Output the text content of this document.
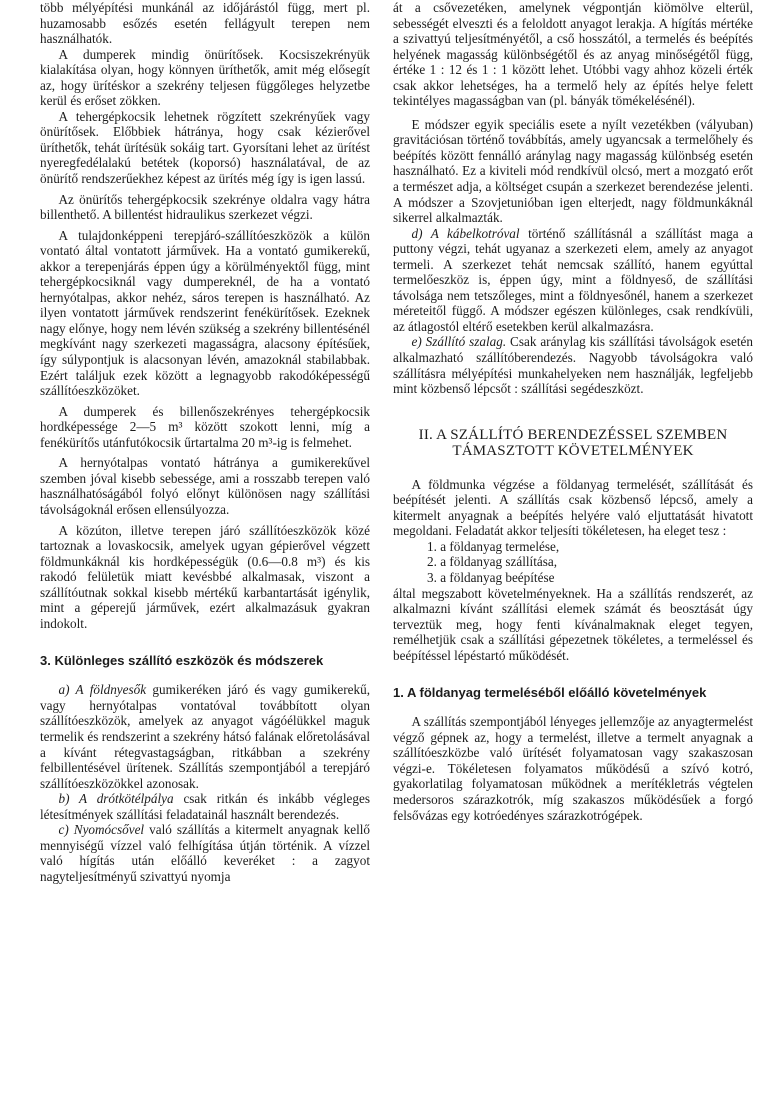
több mélyépítési munkánál az időjárástól függ, mert pl. huzamosabb esőzés esetén fellágyult terepen nem használhatók.

A dumperek mindig önürítősek. Kocsiszekrényük kialakítása olyan, hogy könnyen üríthetők, amit még elősegít az, hogy ürítéskor a szekrény teljesen függőleges helyzetbe kerül és erőset zökken.

A tehergépkocsik lehetnek rögzített szekrényűek vagy önürítősek. Előbbiek hátránya, hogy csak kézierővel üríthetők, tehát ürítésük sokáig tart. Gyorsítani lehet az ürítést nyeregfedélalakú betétek (koporsó) használatával, de az önürítő rendszerűekhez képest az ürítés még így is igen lassú.

Az önürítős tehergépkocsik szekrénye oldalra vagy hátra billenthető. A billentést hidraulikus szerkezet végzi.

A tulajdonképpeni terepjáró-szállítóeszközök a külön vontató által vontatott járművek. Ha a vontató gumikerekű, akkor a terepenjárás éppen úgy a körülményektől függ, mint tehergépkocsiknál vagy dumpereknél, de ha a vontató hernyótalpas, akkor nehéz, sáros terepen is használható. Az ilyen vontatott járművek rendszerint fenékürítősek. Ezeknek nagy előnye, hogy nem lévén szükség a szekrény billentésénél megkívánt nagy szerkezeti magasságra, alacsony építésűek, így súlypontjuk is alacsonyan lévén, amazoknál stabilabbak. Ezért találjuk ezek között a legnagyobb rakodóképességű szállítóeszközöket.

A dumperek és billenőszekrényes tehergépkocsik hordképessége 2—5 m³ között szokott lenni, míg a fenékürítős utánfutókocsik űrtartalma 20 m³-ig is felmehet.

A hernyótalpas vontató hátránya a gumikerekűvel szemben jóval kisebb sebessége, ami a rosszabb terepen való használhatóságából folyó előnyt különösen nagy szállítási távolságoknál erősen ellensúlyozza.

A közúton, illetve terepen járó szállítóeszközök közé tartoznak a lovaskocsik, amelyek ugyan gépierővel végzett földmunkáknál kis hordképességük (0.6—0.8 m³) és kis rakodó felületük miatt kevésbbé alkalmasak, viszont a szállítóutnak sokkal kisebb mértékű karbantartását igénylik, mint a géperejű járművek, ezért alkalmazásuk gyakran indokolt.

3. Különleges szállító eszközök és módszerek

a) A földnyesők gumikeréken járó és vagy gumikerekű, vagy hernyótalpas vontatóval továbbított olyan szállítóeszközök, amelyek az anyagot vágóélükkel maguk termelik és rendszerint a szekrény hátsó falának előretolásával a kívánt rétegvastagságban, ritkábban a szekrény felbillentésével ürítenek. Szállítás szempontjából a terepjáró szállítóeszközökkel azonosak.

b) A drótkötélpálya csak ritkán és inkább végleges létesítmények szállítási feladatainál használt berendezés.

c) Nyomócsővel való szállítás a kitermelt anyagnak kellő mennyiségű vízzel való felhígítása útján történik. A vízzel való hígítás után előálló keveréket : a zagyot nagyteljesítményű szivattyú nyomja

át a csővezetéken, amelynek végpontján kiömölve elterül, sebességét elveszti és a feloldott anyagot lerakja. A hígítás mértéke a szivattyú teljesítményétől, a cső hosszától, a termelés és beépítés helyének magasság különbségétől és az anyag minőségétől függ, értéke 1 : 12 és 1 : 1 között lehet. Utóbbi vagy ahhoz közeli érték csak akkor lehetséges, ha a termelő hely az építés helye felett tekintélyes magasságban van (pl. bányák tömékelésénél).

E módszer egyik speciális esete a nyílt vezetékben (vályuban) gravitációsan történő továbbítás, amely ugyancsak a termelőhely és beépítés között fennálló aránylag nagy magasság különbség esetén használható. Ez a kiviteli mód rendkívül olcsó, mert a mozgató erőt a természet adja, a költséget csupán a szerkezet berendezése jelenti. A módszer a Szovjetunióban igen elterjedt, nagy földmunkáknál sikerrel alkalmazták.

d) A kábelkotróval történő szállításnál a szállítást maga a puttony végzi, tehát ugyanaz a szerkezeti elem, amely az anyagot termeli. A szerkezet tehát nemcsak szállító, hanem egyúttal termelőeszköz is, éppen úgy, mint a földnyeső, de szállítási távolsága nem tetszőleges, mint a földnyesőnél, hanem a szerkezet méreteitől függő. A módszer egészen különleges, csak rendkívüli, az átlagostól eltérő esetekben kerül alkalmazásra.

e) Szállító szalag. Csak aránylag kis szállítási távolságok esetén alkalmazható szállítóberendezés. Nagyobb távolságokra való szállításra mélyépítési munkahelyeken nem használják, legfeljebb mint közbenső lépcsőt : szállítási segédeszközt.

II. A SZÁLLÍTÓ BERENDEZÉSSEL SZEMBEN TÁMASZTOTT KÖVETELMÉNYEK

A földmunka végzése a földanyag termelését, szállítását és beépítését jelenti. A szállítás csak közbenső lépcső, amely a kitermelt anyagnak a beépítés helyére való eljuttatását hivatott megoldani. Feladatát akkor teljesíti tökéletesen, ha eleget tesz :

1. a földanyag termelése,
2. a földanyag szállítása,
3. a földanyag beépítése

által megszabott követelményeknek. Ha a szállítás rendszerét, az alkalmazni kívánt szállítási elemek számát és beosztását úgy terveztük meg, hogy fenti kívánalmaknak eleget tegyen, remélhetjük csak a szállítási gépezetnek tökéletes, a termeléssel és beépítéssel lépéstartó működését.

1. A földanyag termeléséből előálló követelmények

A szállítás szempontjából lényeges jellemzője az anyagtermelést végző gépnek az, hogy a termelést, illetve a termelt anyagnak a szállítóeszközbe való ürítését folyamatosan vagy szakaszosan végzi-e. Tökéletesen folyamatos működésű a szívó kotró, gyakorlatilag folyamatosan működnek a merítékletrás végtelen medersoros szárazkotrók, míg szakaszos működésűek a forgó felsővázas egy kotróedényes szárazkotrógépek.
